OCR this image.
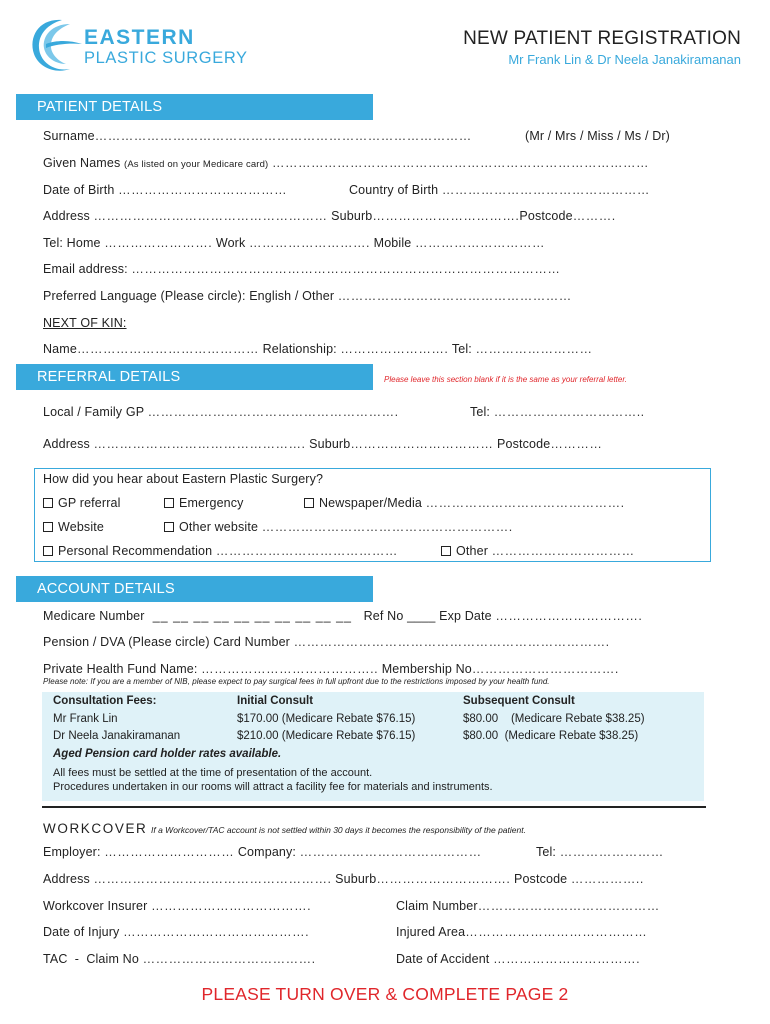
EASTERN
PLASTIC SURGERY
NEW PATIENT REGISTRATION
Mr Frank Lin & Dr Neela Janakiramanan
PATIENT DETAILS
Surname……………………………………………………………………………	(Mr / Mrs / Miss / Ms / Dr)
Given Names (As listed on your Medicare card) ……………………………………………………………………………
Date of Birth …………………………………	Country of Birth …………………………………………
Address ……………………………………………… Suburb…………………………….Postcode……….
Tel: Home ……………………. Work ………………………. Mobile …………………………
Email address: ………………………………………………………………………………………
Preferred Language (Please circle): English / Other ………………………………………………
NEXT OF KIN:
Name…………………………………… Relationship: ……………………. Tel: ………………………
REFERRAL DETAILS	Please leave this section blank if it is the same as your referral letter.
Local / Family GP ………………………………………………….	Tel: ……………………………..
Address …………………………………………. Suburb…………………………… Postcode…………
How did you hear about Eastern Plastic Surgery?
GP referral	Emergency	Newspaper/Media ……………………………………….
Website	Other website ………………………………………………….
Personal Recommendation ……………………………………	Other ……………………………
ACCOUNT DETAILS
Medicare Number  __ __ __ __ __ __ __ __ __ __ Ref No ____ Exp Date …………………………….
Pension / DVA (Please circle) Card Number ……………………………………………………………….
Private Health Fund Name: ………………………………….. Membership No…………………………….
Please note: If you are a member of NIB, please expect to pay surgical fees in full upfront due to the restrictions imposed by your health fund.
Consultation Fees:	Initial Consult	Subsequent Consult
Mr Frank Lin	$170.00 (Medicare Rebate $76.15)	$80.00    (Medicare Rebate $38.25)
Dr Neela Janakiramanan	$210.00 (Medicare Rebate $76.15)	$80.00  (Medicare Rebate $38.25)
Aged Pension card holder rates available.
All fees must be settled at the time of presentation of the account.
Procedures undertaken in our rooms will attract a facility fee for materials and instruments.
WORKCOVER If a Workcover/TAC account is not settled within 30 days it becomes the responsibility of the patient.
Employer: ………………………… Company: ……………………………………	Tel: ……………………
Address ………………………………………………. Suburb…………………………. Postcode ……………..
Workcover Insurer ……………………………….	Claim Number……………………………………
Date of Injury …………………………………….	Injured Area……………………………………
TAC  -  Claim No ………………………………….	Date of Accident …………………………….
PLEASE TURN OVER & COMPLETE PAGE 2
